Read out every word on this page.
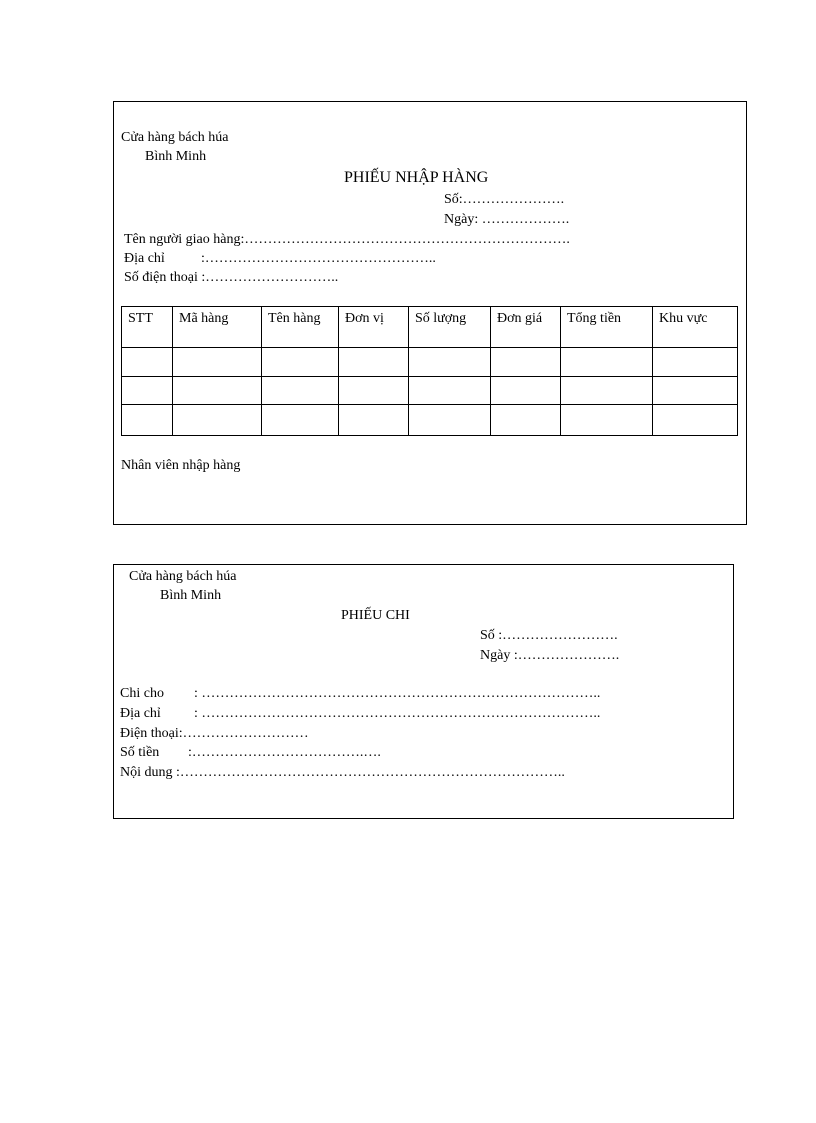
Cửa hàng bách húa
Bình Minh
PHIẾU NHẬP HÀNG
Số:………………….
Ngày: ……………….
Tên người giao hàng:…………………………………………………………….
Địa chỉ	:…………………………………………..
Số điện thoại :………………………..
STT	Mã hàng	Tên hàng	Đơn vị	Số lượng	Đơn giá	Tổng tiền	Khu vực

Nhân viên nhập hàng
Cửa hàng bách húa
Bình Minh
PHIẾU CHI
Số :…………………….
Ngày :………………….
Chi cho : …………………………………………………………………………..
Địa chỉ : …………………………………………………………………………..
Điện thoại:………………………
Số tiền :……………………………….….
Nội dung :………………………………………………………………………..
